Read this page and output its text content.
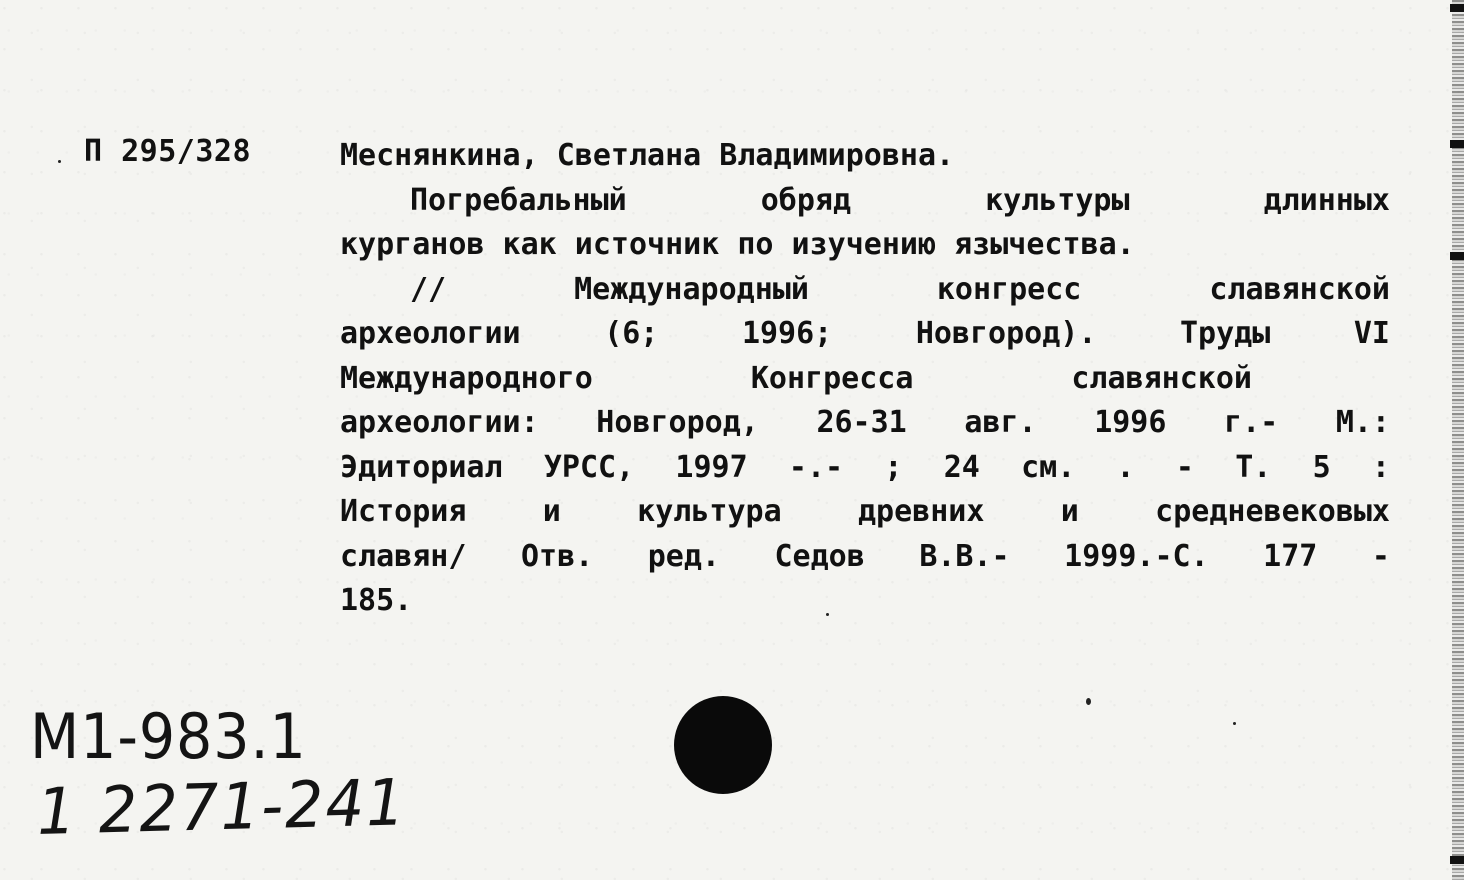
П 295/328	Меснянкина, Светлана Владимировна.
Погребальный	обряд	культуры	длинных
курганов как источник по изучению язычества.
//	Международный	конгресс	славянской
археологии	(6;	1996;	Новгород).	Труды	VI
Международного	Конгресса	славянской
археологии: Новгород, 26-31 авг. 1996 г.- М.:
Эдиториал УРСС, 1997 -.- ; 24 см. . - Т. 5 :
История	и	культура	древних	и	средневековых
славян/ Отв. ред. Седов В.В.- 1999.-С. 177 -
185.
М1-983.1
1 2271-241
